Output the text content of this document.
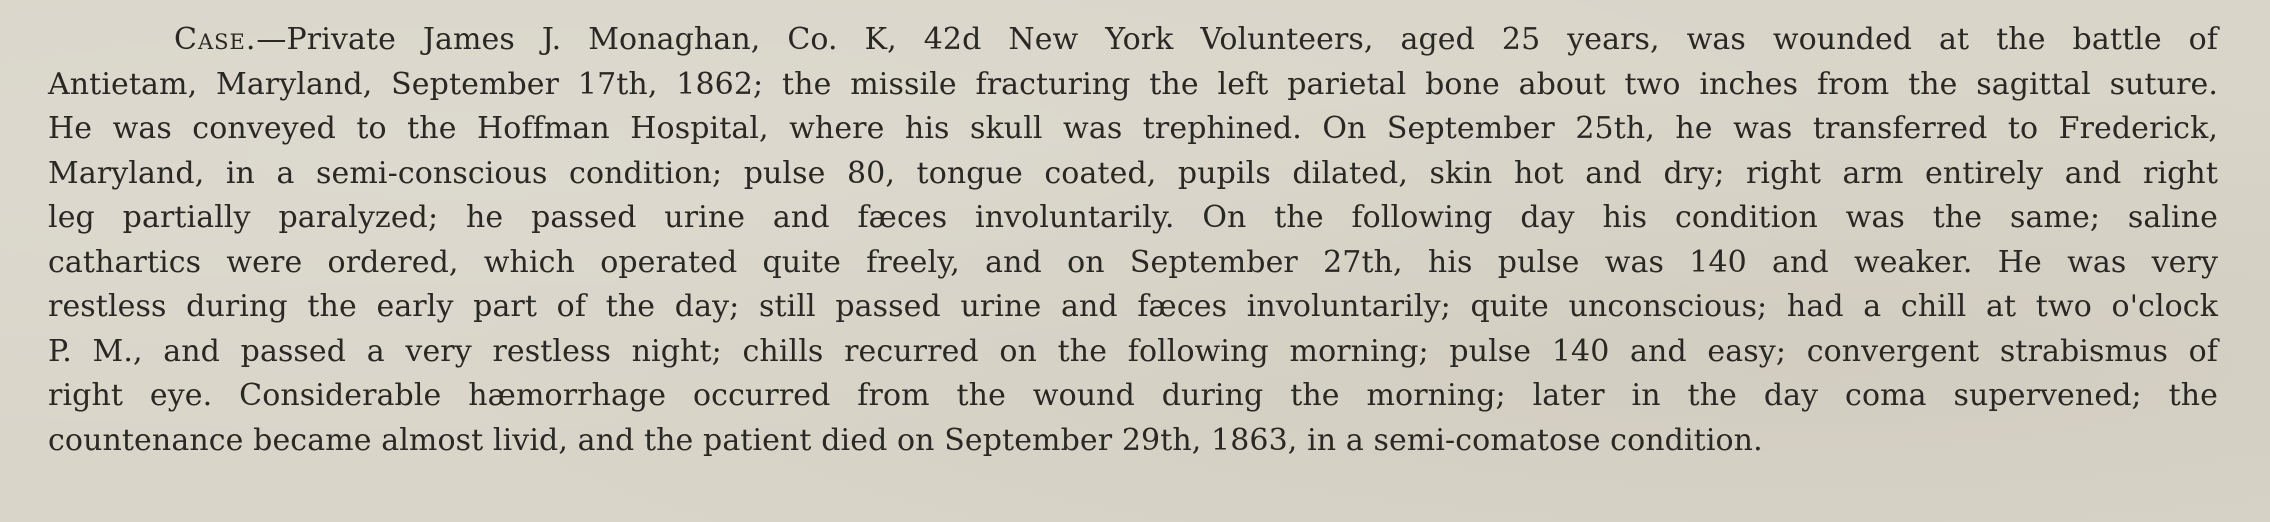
Case.—Private James J. Monaghan, Co. K, 42d New York Volunteers, aged 25 years, was wounded at the battle of
Antietam, Maryland, September 17th, 1862; the missile fracturing the left parietal bone about two inches from the sagittal suture.
He was conveyed to the Hoffman Hospital, where his skull was trephined. On September 25th, he was transferred to Frederick,
Maryland, in a semi-conscious condition; pulse 80, tongue coated, pupils dilated, skin hot and dry; right arm entirely and right
leg partially paralyzed; he passed urine and fæces involuntarily. On the following day his condition was the same; saline
cathartics were ordered, which operated quite freely, and on September 27th, his pulse was 140 and weaker. He was very
restless during the early part of the day; still passed urine and fæces involuntarily; quite unconscious; had a chill at two o'clock
P. M., and passed a very restless night; chills recurred on the following morning; pulse 140 and easy; convergent strabismus of
right eye. Considerable hæmorrhage occurred from the wound during the morning; later in the day coma supervened; the
countenance became almost livid, and the patient died on September 29th, 1863, in a semi-comatose condition.
